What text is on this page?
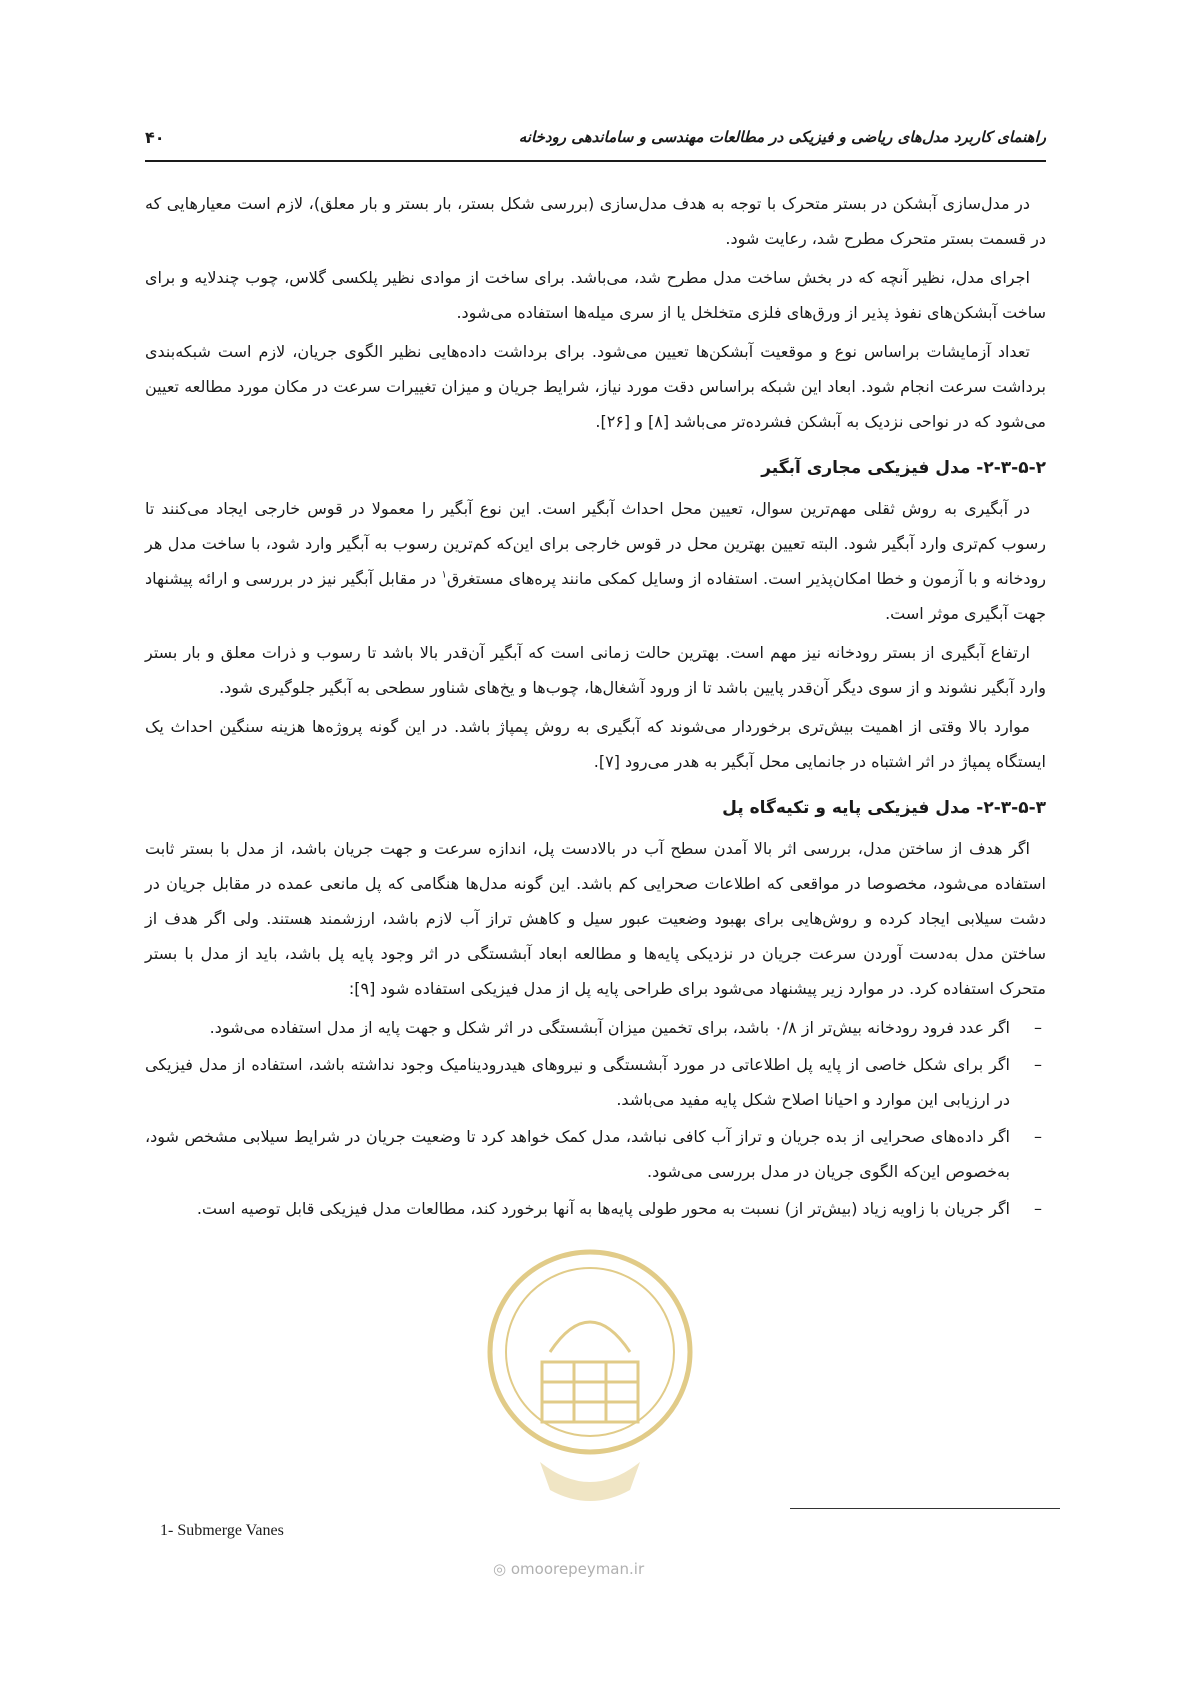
راهنمای کاربرد مدل‌های ریاضی و فیزیکی در مطالعات مهندسی و ساماندهی رودخانه
۴۰

در مدل‌سازی آبشکن در بستر متحرک با توجه به هدف مدل‌سازی (بررسی شکل بستر، بار بستر و بار معلق)، لازم است معیارهایی که در قسمت بستر متحرک مطرح شد، رعایت شود.

اجرای مدل، نظیر آنچه که در بخش ساخت مدل مطرح شد، می‌باشد. برای ساخت از موادی نظیر پلکسی گلاس، چوب چندلایه و برای ساخت آبشکن‌های نفوذ پذیر از ورق‌های فلزی متخلخل یا از سری میله‌ها استفاده می‌شود.

تعداد آزمایشات براساس نوع و موقعیت آبشکن‌ها تعیین می‌شود. برای برداشت داده‌هایی نظیر الگوی جریان، لازم است شبکه‌بندی برداشت سرعت انجام شود. ابعاد این شبکه براساس دقت مورد نیاز، شرایط جریان و میزان تغییرات سرعت در مکان مورد مطالعه تعیین می‌شود که در نواحی نزدیک به آبشکن فشرده‌تر می‌باشد [۸] و [۲۶].

۲-۳-۵-۲- مدل فیزیکی مجاری آبگیر

در آبگیری به روش ثقلی مهم‌ترین سوال، تعیین محل احداث آبگیر است. این نوع آبگیر را معمولا در قوس خارجی ایجاد می‌کنند تا رسوب کم‌تری وارد آبگیر شود. البته تعیین بهترین محل در قوس خارجی برای این‌که کم‌ترین رسوب به آبگیر وارد شود، با ساخت مدل هر رودخانه و با آزمون و خطا امکان‌پذیر است. استفاده از وسایل کمکی مانند پره‌های مستغرق$^۱$ در مقابل آبگیر نیز در بررسی و ارائه پیشنهاد جهت آبگیری موثر است.

ارتفاع آبگیری از بستر رودخانه نیز مهم است. بهترین حالت زمانی است که آبگیر آن‌قدر بالا باشد تا رسوب و ذرات معلق و بار بستر وارد آبگیر نشوند و از سوی دیگر آن‌قدر پایین باشد تا از ورود آشغال‌ها، چوب‌ها و یخ‌های شناور سطحی به آبگیر جلوگیری شود.

موارد بالا وقتی از اهمیت بیش‌تری برخوردار می‌شوند که آبگیری به روش پمپاژ باشد. در این گونه پروژه‌ها هزینه سنگین احداث یک ایستگاه پمپاژ در اثر اشتباه در جانمایی محل آبگیر به هدر می‌رود [۷].

۲-۳-۵-۳- مدل فیزیکی پایه و تکیه‌گاه پل

اگر هدف از ساختن مدل، بررسی اثر بالا آمدن سطح آب در بالادست پل، اندازه سرعت و جهت جریان باشد، از مدل با بستر ثابت استفاده می‌شود، مخصوصا در مواقعی که اطلاعات صحرایی کم باشد. این گونه مدل‌ها هنگامی که پل مانعی عمده در مقابل جریان در دشت سیلابی ایجاد کرده و روش‌هایی برای بهبود وضعیت عبور سیل و کاهش تراز آب لازم باشد، ارزشمند هستند. ولی اگر هدف از ساختن مدل به‌دست آوردن سرعت جریان در نزدیکی پایه‌ها و مطالعه ابعاد آبشستگی در اثر وجود پایه پل باشد، باید از مدل با بستر متحرک استفاده کرد. در موارد زیر پیشنهاد می‌شود برای طراحی پایه پل از مدل فیزیکی استفاده شود [۹]:

–
اگر عدد فرود رودخانه بیش‌تر از ۰/۸ باشد، برای تخمین میزان آبشستگی در اثر شکل و جهت پایه از مدل استفاده می‌شود.
–
اگر برای شکل خاصی از پایه پل اطلاعاتی در مورد آبشستگی و نیروهای هیدرودینامیک وجود نداشته باشد، استفاده از مدل فیزیکی در ارزیابی این موارد و احیانا اصلاح شکل پایه مفید می‌باشد.
–
اگر داده‌های صحرایی از بده جریان و تراز آب کافی نباشد، مدل کمک خواهد کرد تا وضعیت جریان در شرایط سیلابی مشخص شود، به‌خصوص این‌که الگوی جریان در مدل بررسی می‌شود.
–
اگر جریان با زاویه زیاد (بیش‌تر از) نسبت به محور طولی پایه‌ها به آنها برخورد کند، مطالعات مدل فیزیکی قابل توصیه است.
◎ omoorepeyman.ir
1- Submerge Vanes
